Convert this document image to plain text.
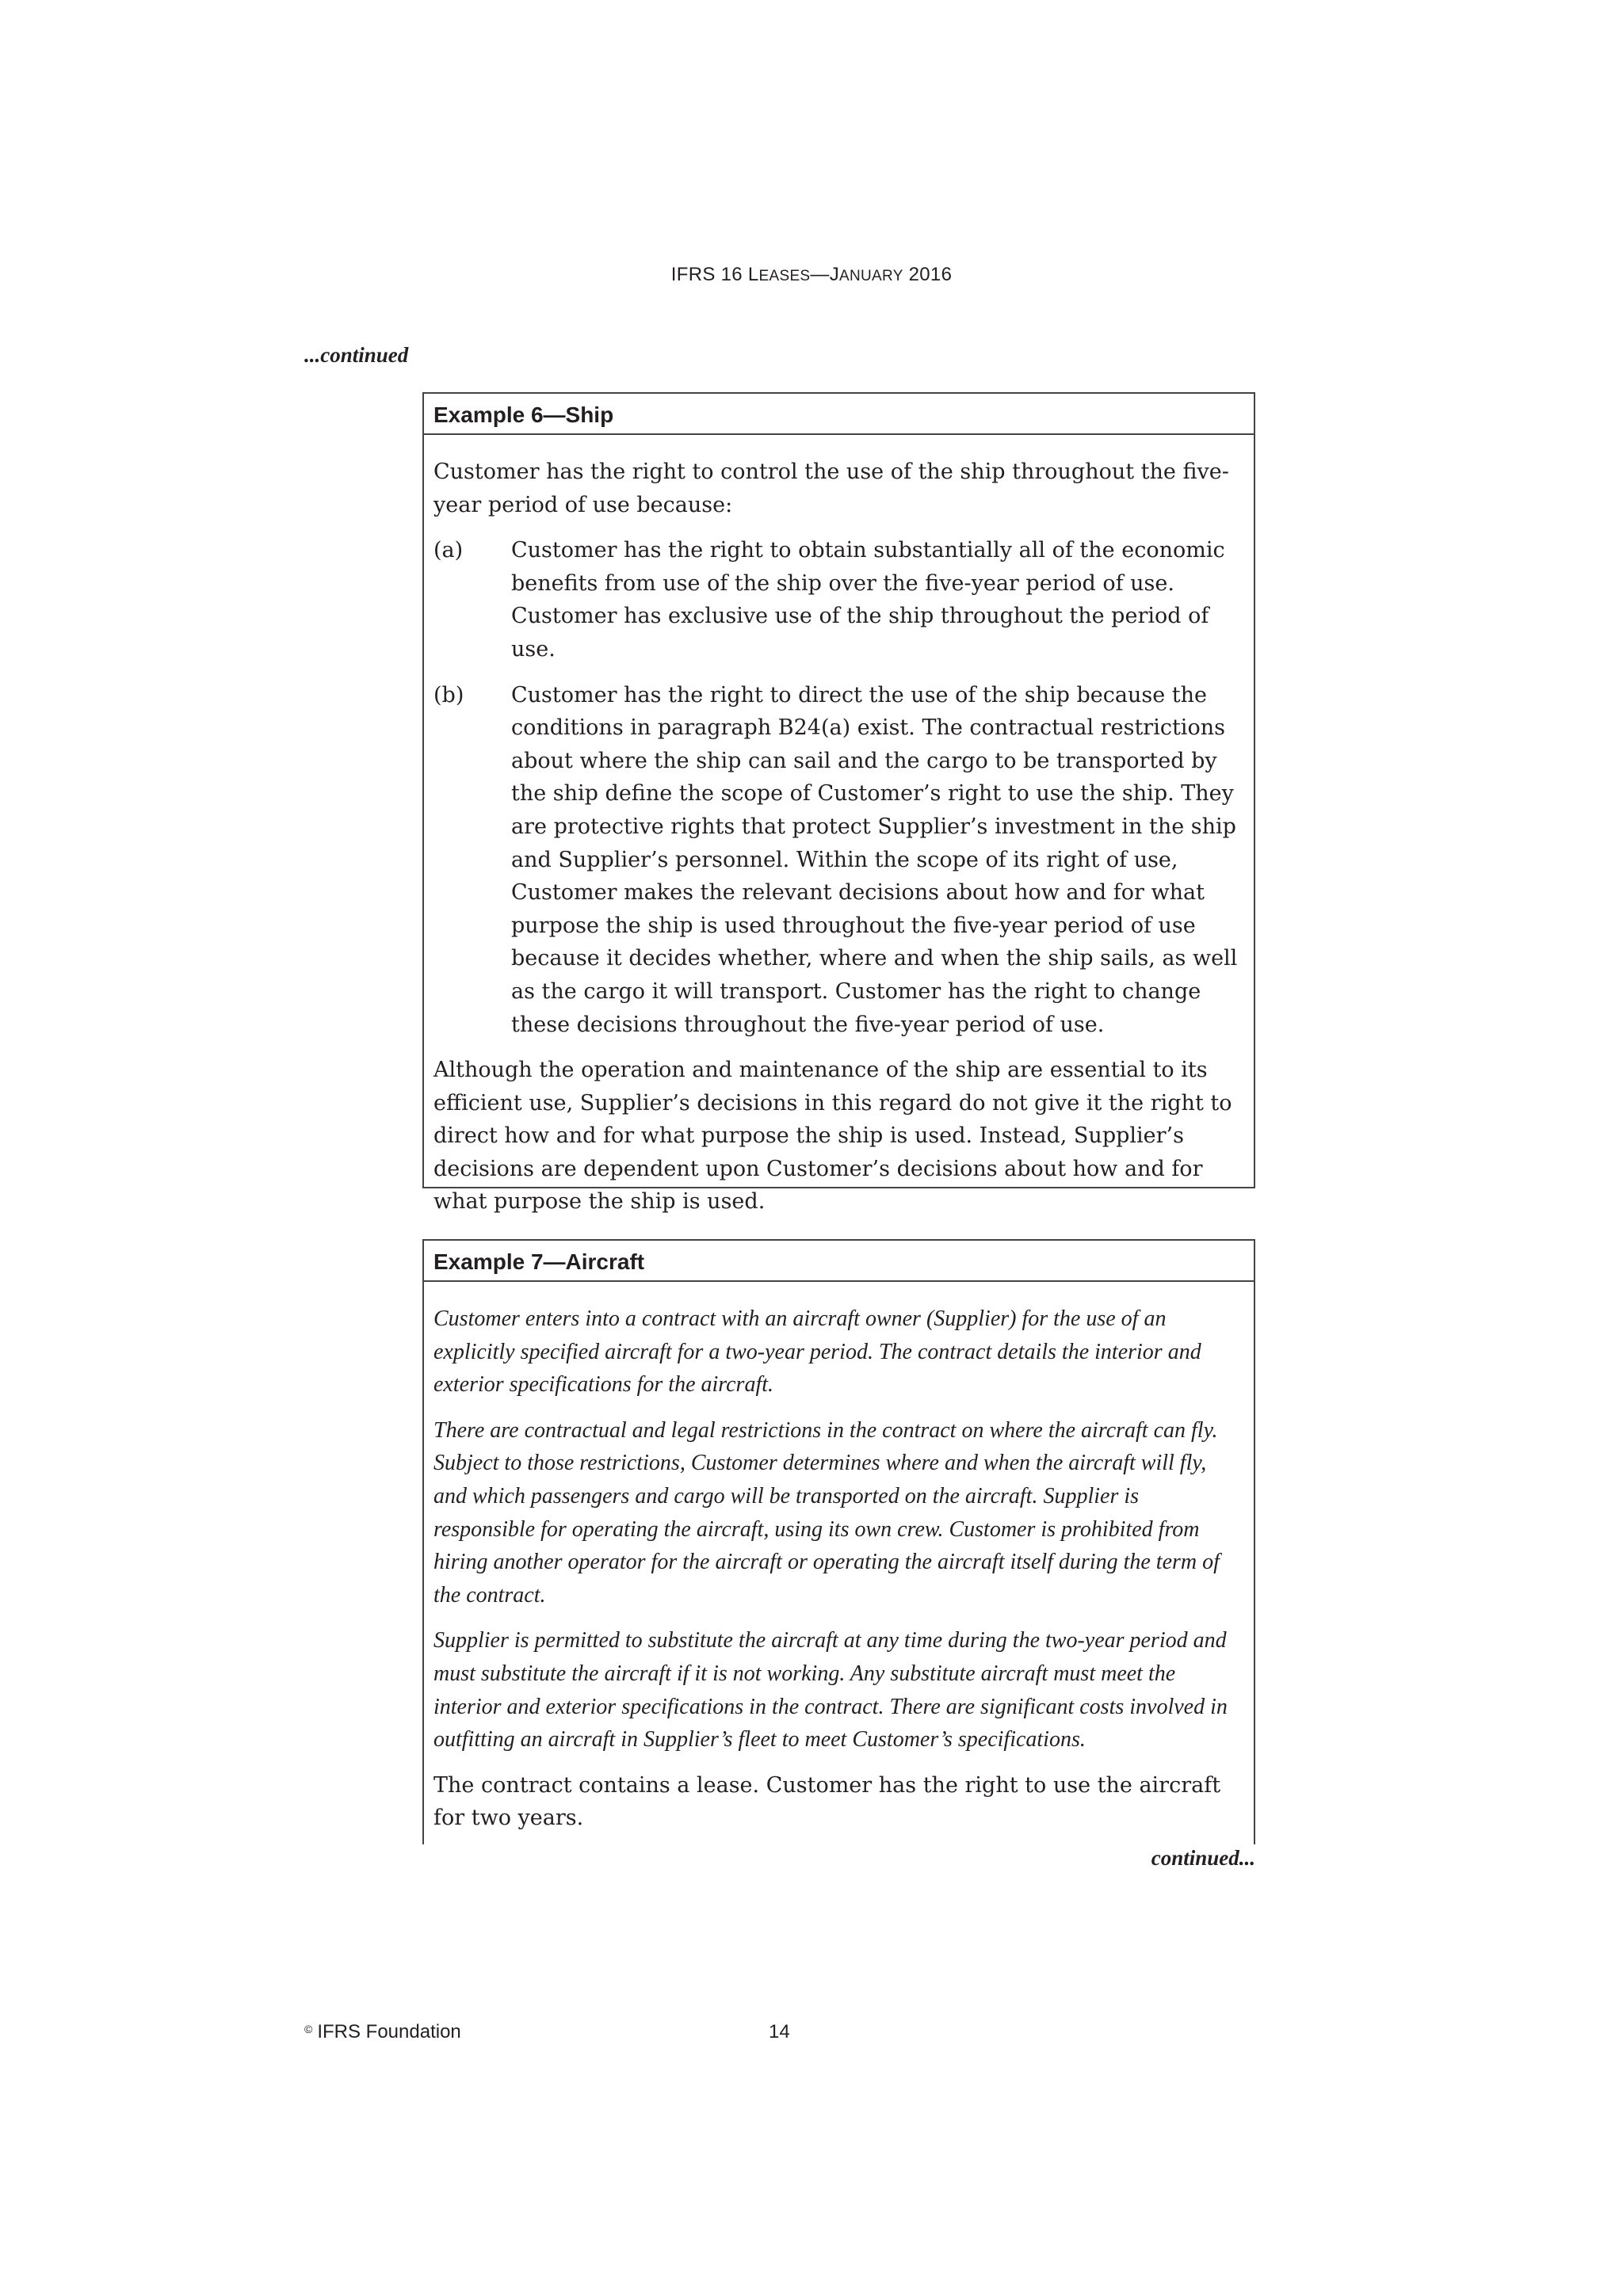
IFRS 16 LEASES—JANUARY 2016
...continued
Example 6—Ship

Customer has the right to control the use of the ship throughout the five-year period of use because:

(a)	Customer has the right to obtain substantially all of the economic benefits from use of the ship over the five-year period of use. Customer has exclusive use of the ship throughout the period of use.
(b)	Customer has the right to direct the use of the ship because the conditions in paragraph B24(a) exist. The contractual restrictions about where the ship can sail and the cargo to be transported by the ship define the scope of Customer’s right to use the ship. They are protective rights that protect Supplier’s investment in the ship and Supplier’s personnel. Within the scope of its right of use, Customer makes the relevant decisions about how and for what purpose the ship is used throughout the five-year period of use because it decides whether, where and when the ship sails, as well as the cargo it will transport. Customer has the right to change these decisions throughout the five-year period of use.

Although the operation and maintenance of the ship are essential to its efficient use, Supplier’s decisions in this regard do not give it the right to direct how and for what purpose the ship is used. Instead, Supplier’s decisions are dependent upon Customer’s decisions about how and for what purpose the ship is used.

Example 7—Aircraft

Customer enters into a contract with an aircraft owner (Supplier) for the use of an explicitly specified aircraft for a two-year period. The contract details the interior and exterior specifications for the aircraft.

There are contractual and legal restrictions in the contract on where the aircraft can fly. Subject to those restrictions, Customer determines where and when the aircraft will fly, and which passengers and cargo will be transported on the aircraft. Supplier is responsible for operating the aircraft, using its own crew. Customer is prohibited from hiring another operator for the aircraft or operating the aircraft itself during the term of the contract.

Supplier is permitted to substitute the aircraft at any time during the two-year period and must substitute the aircraft if it is not working. Any substitute aircraft must meet the interior and exterior specifications in the contract. There are significant costs involved in outfitting an aircraft in Supplier’s fleet to meet Customer’s specifications.

The contract contains a lease. Customer has the right to use the aircraft for two years.

continued...
© IFRS Foundation	14
